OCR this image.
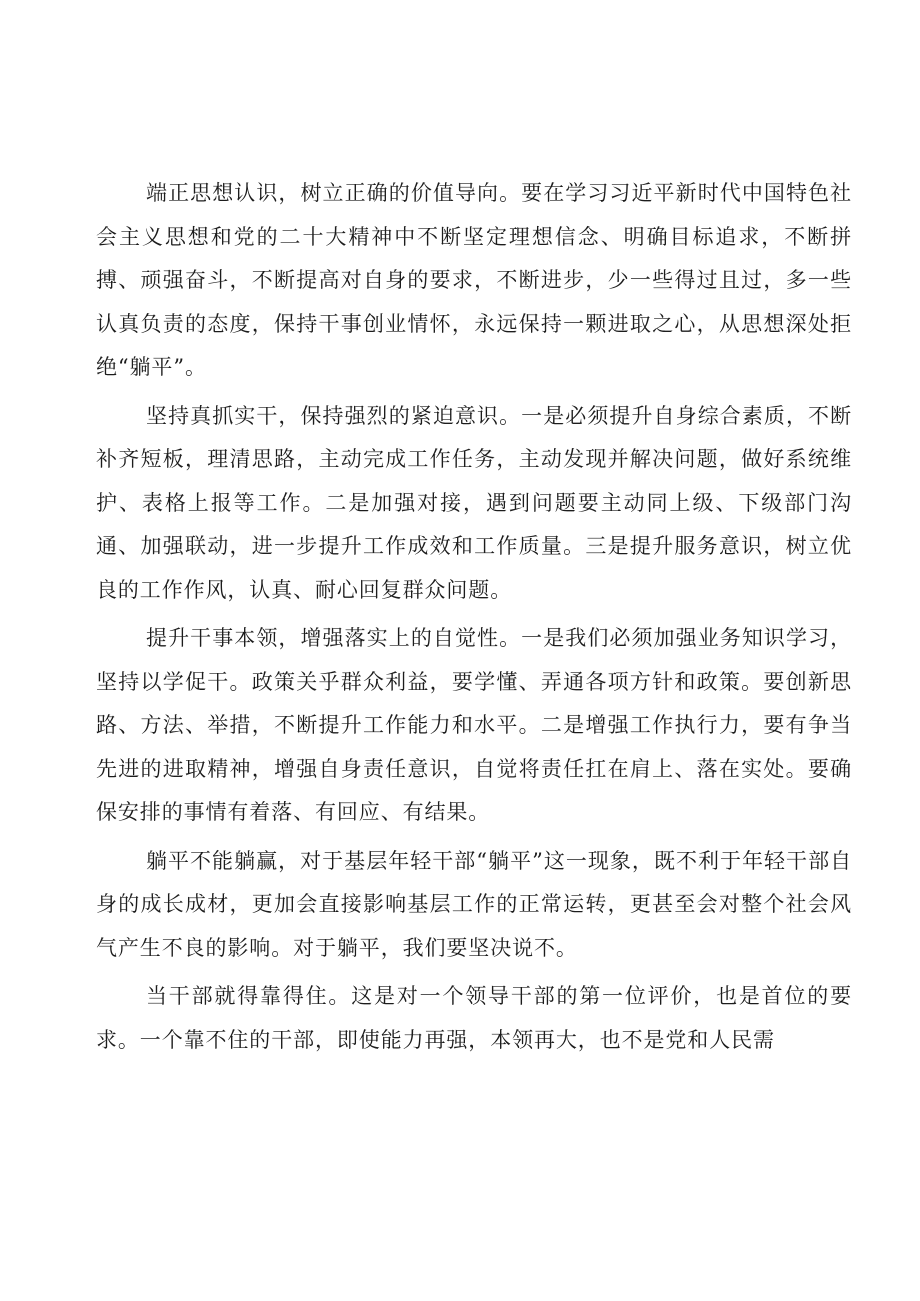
端正思想认识，树立正确的价值导向。要在学习习近平新时代中国特色社会主义思想和党的二十大精神中不断坚定理想信念、明确目标追求，不断拼搏、顽强奋斗，不断提高对自身的要求，不断进步，少一些得过且过，多一些认真负责的态度，保持干事创业情怀，永远保持一颗进取之心，从思想深处拒绝“躺平”。

坚持真抓实干，保持强烈的紧迫意识。一是必须提升自身综合素质，不断补齐短板，理清思路，主动完成工作任务，主动发现并解决问题，做好系统维护、表格上报等工作。二是加强对接，遇到问题要主动同上级、下级部门沟通、加强联动，进一步提升工作成效和工作质量。三是提升服务意识，树立优良的工作作风，认真、耐心回复群众问题。

提升干事本领，增强落实上的自觉性。一是我们必须加强业务知识学习，坚持以学促干。政策关乎群众利益，要学懂、弄通各项方针和政策。要创新思路、方法、举措，不断提升工作能力和水平。二是增强工作执行力，要有争当先进的进取精神，增强自身责任意识，自觉将责任扛在肩上、落在实处。要确保安排的事情有着落、有回应、有结果。

躺平不能躺赢，对于基层年轻干部“躺平”这一现象，既不利于年轻干部自身的成长成材，更加会直接影响基层工作的正常运转，更甚至会对整个社会风气产生不良的影响。对于躺平，我们要坚决说不。

当干部就得靠得住。这是对一个领导干部的第一位评价，也是首位的要求。一个靠不住的干部，即使能力再强，本领再大，也不是党和人民需
